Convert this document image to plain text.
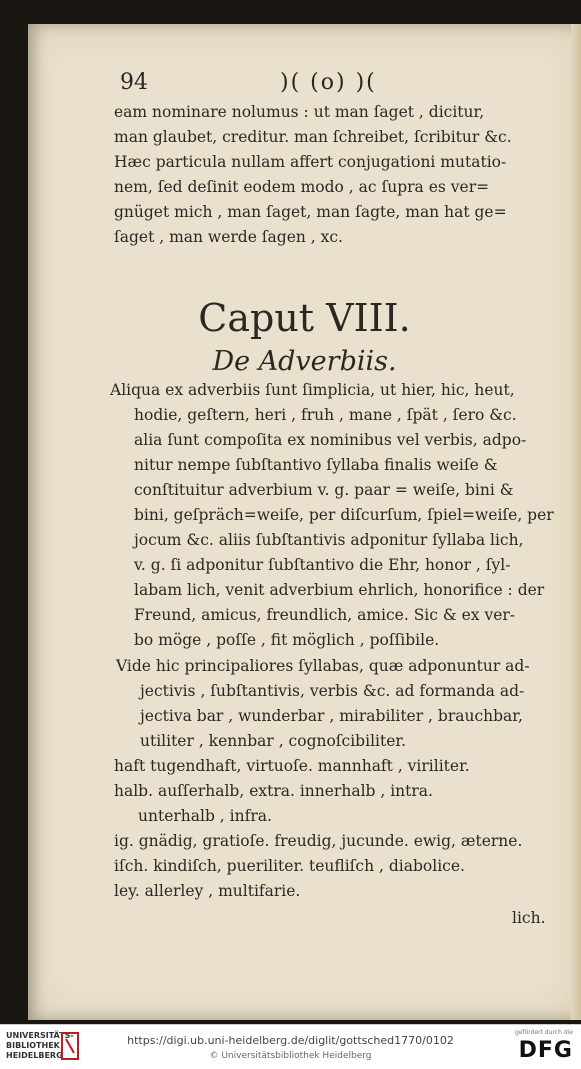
94	)( (o) )(
eam nominare nolumus : ut man ſaget , dicitur,
man glaubet, creditur. man ſchreibet, ſcribitur &c.
Hæc particula nullam affert conjugationi mutatio-
nem, ſed deſinit eodem modo , ac ſupra es ver=
gnüget mich , man ſaget, man ſagte, man hat ge=
ſaget , man werde ſagen , xc.
Caput VIII.
De Adverbiis.
Aliqua ex adverbiis ſunt ſimplicia, ut hier, hic, heut,
hodie, geſtern, heri , fruh , mane , ſpät , ſero &c.
alia ſunt compoſita ex nominibus vel verbis, adpo-
nitur nempe ſubſtantivo ſyllaba finalis weiſe &
conſtituitur adverbium v. g. paar = weiſe, bini &
bini, geſpräch=weiſe, per diſcurſum, ſpiel=weiſe, per
jocum &c. aliis ſubſtantivis adponitur ſyllaba lich,
v. g. ſi adponitur ſubſtantivo die Ehr, honor , ſyl-
labam lich, venit adverbium ehrlich, honorifice : der
Freund, amicus, freundlich, amice. Sic & ex ver-
bo möge , poſſe , fit möglich , poſſibile.
Vide hic principaliores ſyllabas, quæ adponuntur ad-
jectivis , ſubſtantivis, verbis &c. ad formanda ad-
jectiva bar , wunderbar , mirabiliter , brauchbar,
utiliter , kennbar , cognoſcibiliter.
haft tugendhaft, virtuoſe. mannhaft , viriliter.
halb. auſſerhalb, extra. innerhalb , intra.
unterhalb , infra.
ig. gnädig, gratioſe. freudig, jucunde. ewig, æterne.
iſch. kindiſch, pueriliter. teufliſch , diabolice.
ley. allerley , multifarie.
lich.
UNIVERSITÄTS-
BIBLIOTHEK
HEIDELBERG
https://digi.ub.uni-heidelberg.de/diglit/gottsched1770/0102
© Universitätsbibliothek Heidelberg
gefördert durch die
DFG
